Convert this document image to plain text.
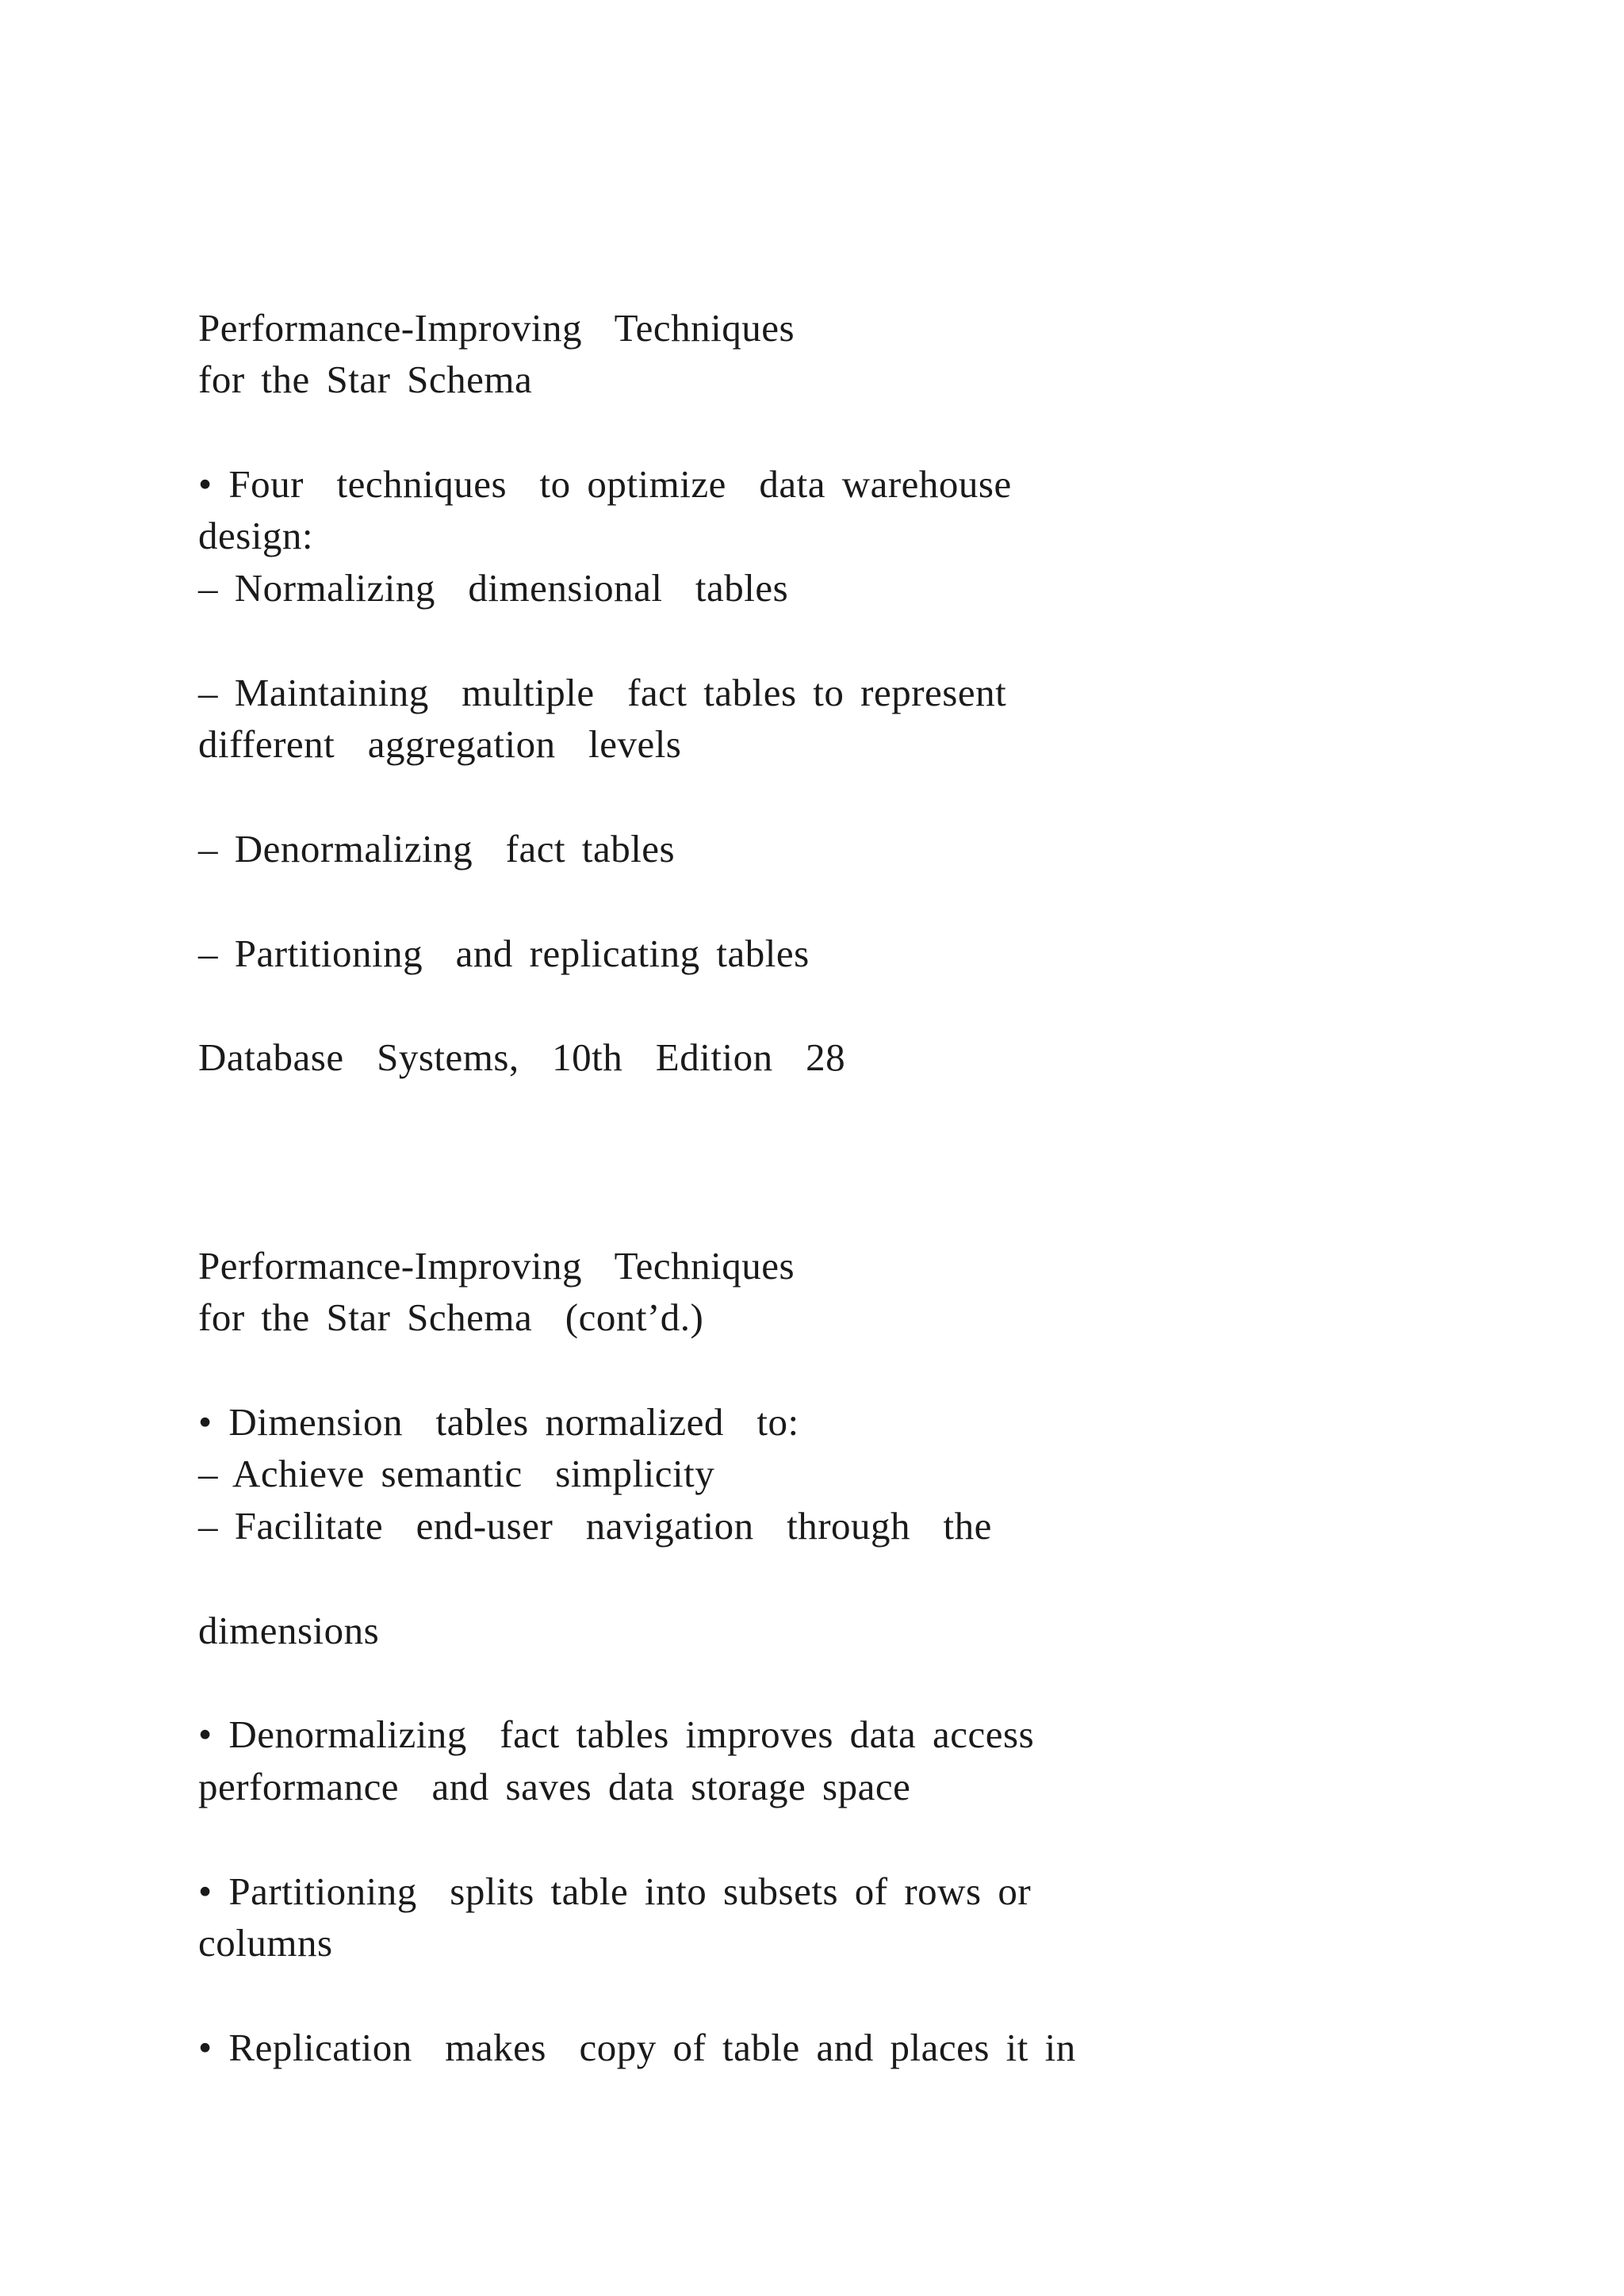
Performance-Improving  Techniques

for the Star Schema

• Four  techniques  to optimize  data warehouse

design:

– Normalizing  dimensional  tables

– Maintaining  multiple  fact tables to represent

different  aggregation  levels

– Denormalizing  fact tables

– Partitioning  and replicating tables

Database  Systems,  10th  Edition  28

Performance-Improving  Techniques

for the Star Schema  (cont’d.)

• Dimension  tables normalized  to:

– Achieve semantic  simplicity

– Facilitate  end-user  navigation  through  the

dimensions

• Denormalizing  fact tables improves data access

performance  and saves data storage space

• Partitioning  splits table into subsets of rows or

columns

• Replication  makes  copy of table and places it in
